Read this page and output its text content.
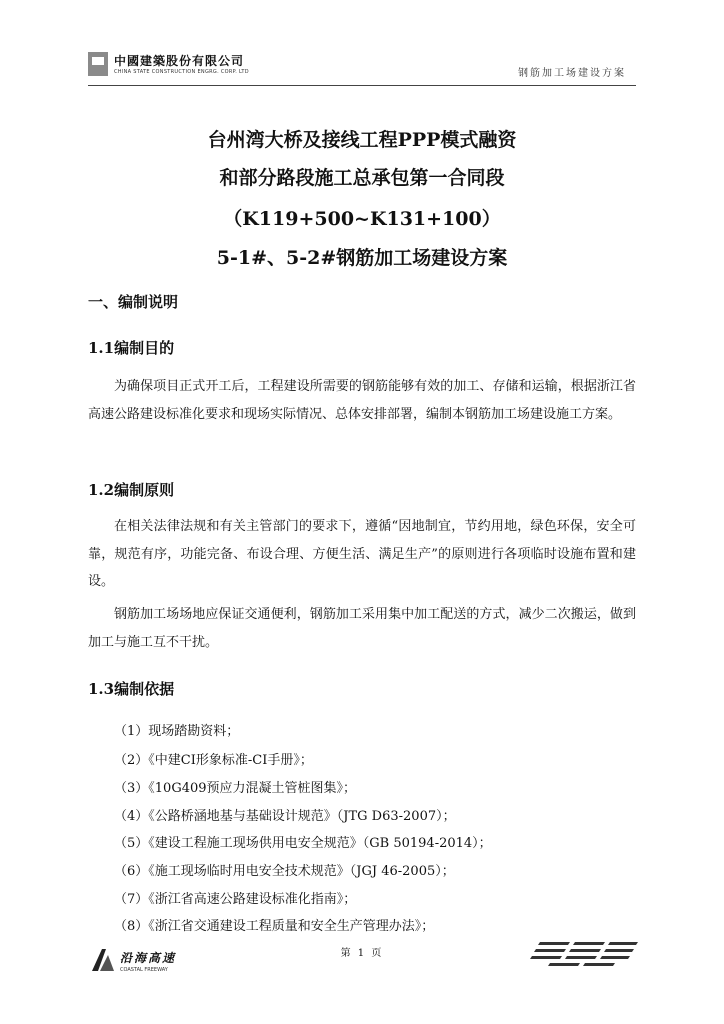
中國建築股份有限公司
CHINA STATE CONSTRUCTION ENGRG. CORP. LTD	钢筋加工场建设方案
台州湾大桥及接线工程PPP模式融资
和部分路段施工总承包第一合同段
（K119+500~K131+100）
5-1#、5-2#钢筋加工场建设方案
一、编制说明
1.1编制目的
为确保项目正式开工后，工程建设所需要的钢筋能够有效的加工、存储和运输，根据浙江省高速公路建设标准化要求和现场实际情况、总体安排部署，编制本钢筋加工场建设施工方案。
1.2编制原则
在相关法律法规和有关主管部门的要求下，遵循“因地制宜，节约用地，绿色环保，安全可靠，规范有序，功能完备、布设合理、方便生活、满足生产”的原则进行各项临时设施布置和建设。
钢筋加工场场地应保证交通便利，钢筋加工采用集中加工配送的方式，减少二次搬运，做到加工与施工互不干扰。
1.3编制依据
（1）现场踏勘资料；
（2）《中建CI形象标准-CI手册》；
（3）《10G409预应力混凝土管桩图集》；
（4）《公路桥涵地基与基础设计规范》（JTG D63-2007）；
（5）《建设工程施工现场供用电安全规范》（GB 50194-2014）；
（6）《施工现场临时用电安全技术规范》（JGJ 46-2005）；
（7）《浙江省高速公路建设标准化指南》；
（8）《浙江省交通建设工程质量和安全生产管理办法》；
沿海高速
COASTAL FREEWAY
第 1 页
